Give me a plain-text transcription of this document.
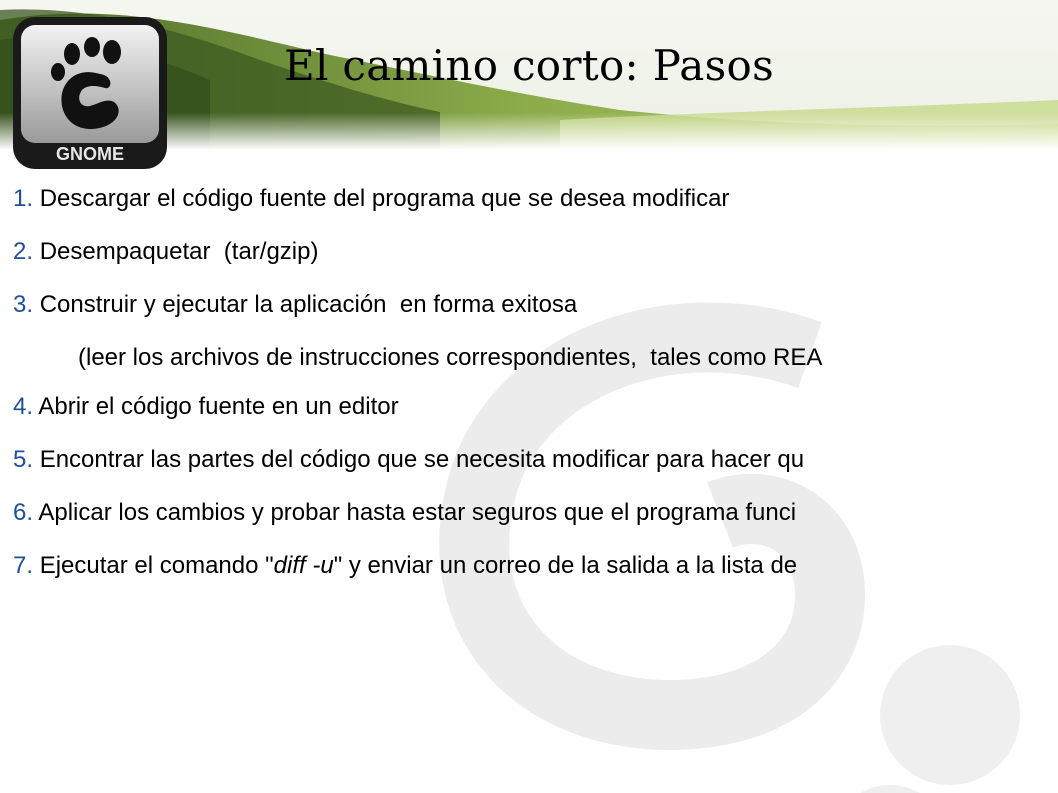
GNOME
El camino corto: Pasos
1. Descargar el código fuente del programa que se desea modificar
2. Desempaquetar  (tar/gzip)
3. Construir y ejecutar la aplicación  en forma exitosa
(leer los archivos de instrucciones correspondientes,  tales como REA
4. Abrir el código fuente en un editor
5. Encontrar las partes del código que se necesita modificar para hacer qu
6. Aplicar los cambios y probar hasta estar seguros que el programa funci
7. Ejecutar el comando "diff -u" y enviar un correo de la salida a la lista de
